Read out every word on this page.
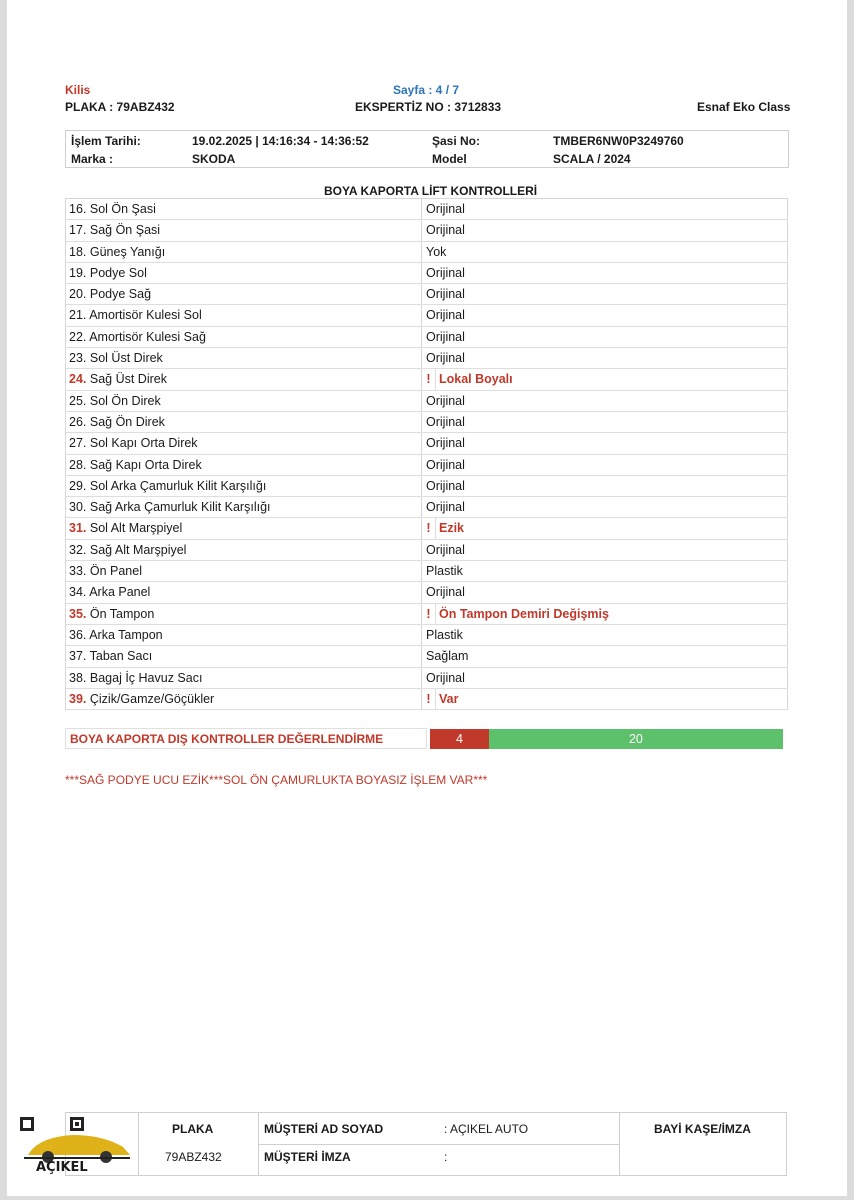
Kilis	Sayfa : 4 / 7
PLAKA : 79ABZ432	EKSPERTİZ NO : 3712833	Esnaf Eko Class
İşlem Tarihi:	19.02.2025 | 14:16:34 - 14:36:52	Şasi No:	TMBER6NW0P3249760
Marka :	SKODA	Model	SCALA / 2024
BOYA KAPORTA LİFT KONTROLLERİ
16. Sol Ön Şasi	Orijinal
17. Sağ Ön Şasi	Orijinal
18. Güneş Yanığı	Yok
19. Podye Sol	Orijinal
20. Podye Sağ	Orijinal
21. Amortisör Kulesi Sol	Orijinal
22. Amortisör Kulesi Sağ	Orijinal
23. Sol Üst Direk	Orijinal
24. Sağ Üst Direk	! Lokal Boyalı
25. Sol Ön Direk	Orijinal
26. Sağ Ön Direk	Orijinal
27. Sol Kapı Orta Direk	Orijinal
28. Sağ Kapı Orta Direk	Orijinal
29. Sol Arka Çamurluk Kilit Karşılığı	Orijinal
30. Sağ Arka Çamurluk Kilit Karşılığı	Orijinal
31. Sol Alt Marşpiyel	! Ezik
32. Sağ Alt Marşpiyel	Orijinal
33. Ön Panel	Plastik
34. Arka Panel	Orijinal
35. Ön Tampon	! Ön Tampon Demiri Değişmiş
36. Arka Tampon	Plastik
37. Taban Sacı	Sağlam
38. Bagaj İç Havuz Sacı	Orijinal
39. Çizik/Gamze/Göçükler	! Var
BOYA KAPORTA DIŞ KONTROLLER DEĞERLENDİRME	4	20
***SAĞ PODYE UCU EZİK***SOL ÖN ÇAMURLUKTA BOYASIZ İŞLEM VAR***
AÇIKEL
PLAKA
79ABZ432
MÜŞTERİ AD SOYAD	: AÇIKEL AUTO
MÜŞTERİ İMZA	:
BAYİ KAŞE/İMZA
